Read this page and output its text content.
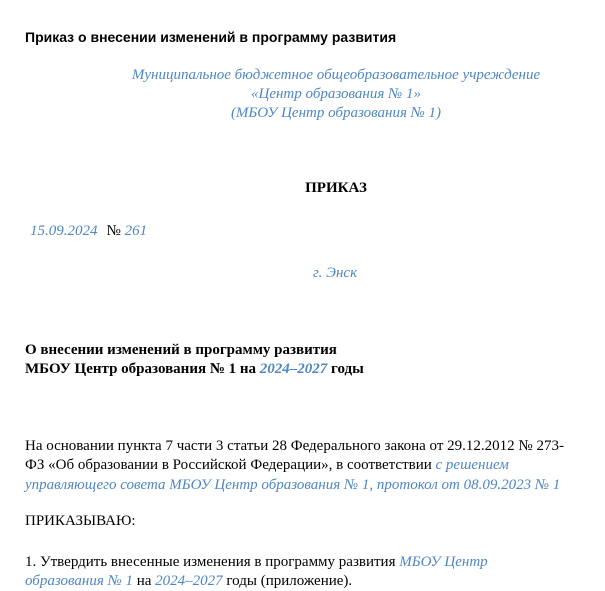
Приказ о внесении изменений в программу развития
Муниципальное бюджетное общеобразовательное учреждение
«Центр образования № 1»
(МБОУ Центр образования № 1)
ПРИКАЗ
15.09.2024 № 261
г. Энск
О внесении изменений в программу развития
МБОУ Центр образования № 1 на 2024–2027 годы
На основании пункта 7 части 3 статьи 28 Федерального закона от 29.12.2012 № 273-
ФЗ «Об образовании в Российской Федерации», в соответствии с решением
управляющего совета МБОУ Центр образования № 1, протокол от 08.09.2023 № 1
ПРИКАЗЫВАЮ:
1. Утвердить внесенные изменения в программу развития МБОУ Центр
образования № 1 на 2024–2027 годы (приложение).
